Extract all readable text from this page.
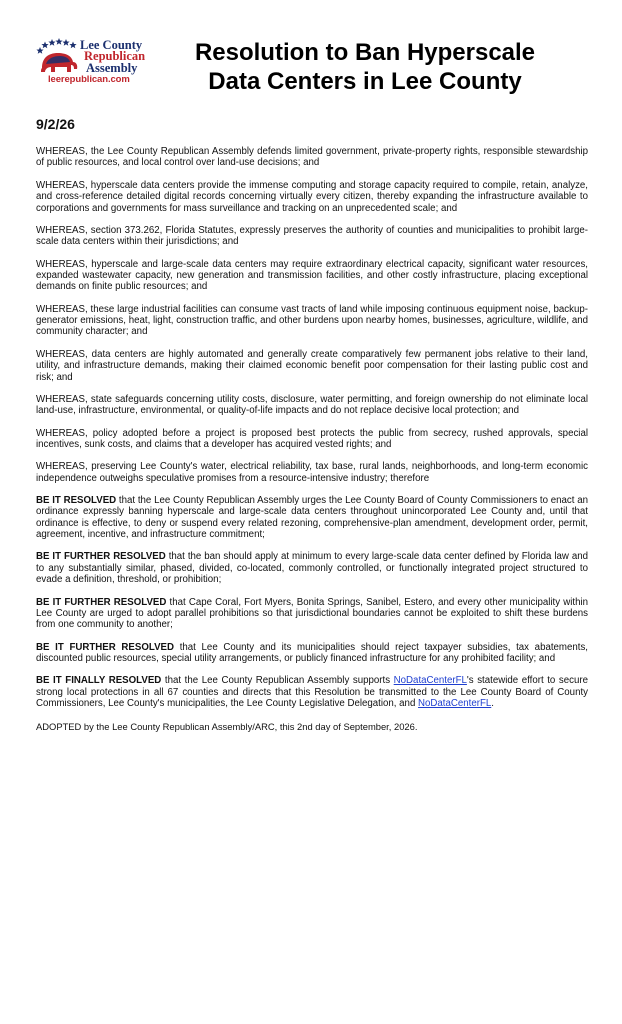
Lee County
Republican
Assembly
leerepublican.com
Resolution to Ban Hyperscale
Data Centers in Lee County
9/2/26

WHEREAS, the Lee County Republican Assembly defends limited government, private-property rights, responsible stewardship of public resources, and local control over land-use decisions; and

WHEREAS, hyperscale data centers provide the immense computing and storage capacity required to compile, retain, analyze, and cross-reference detailed digital records concerning virtually every citizen, thereby expanding the infrastructure available to corporations and governments for mass surveillance and tracking on an unprecedented scale; and

WHEREAS, section 373.262, Florida Statutes, expressly preserves the authority of counties and municipalities to prohibit large-scale data centers within their jurisdictions; and

WHEREAS, hyperscale and large-scale data centers may require extraordinary electrical capacity, significant water resources, expanded wastewater capacity, new generation and transmission facilities, and other costly infrastructure, placing exceptional demands on finite public resources; and

WHEREAS, these large industrial facilities can consume vast tracts of land while imposing continuous equipment noise, backup-generator emissions, heat, light, construction traffic, and other burdens upon nearby homes, businesses, agriculture, wildlife, and community character; and

WHEREAS, data centers are highly automated and generally create comparatively few permanent jobs relative to their land, utility, and infrastructure demands, making their claimed economic benefit poor compensation for their lasting public cost and risk; and

WHEREAS, state safeguards concerning utility costs, disclosure, water permitting, and foreign ownership do not eliminate local land-use, infrastructure, environmental, or quality-of-life impacts and do not replace decisive local protection; and

WHEREAS, policy adopted before a project is proposed best protects the public from secrecy, rushed approvals, special incentives, sunk costs, and claims that a developer has acquired vested rights; and

WHEREAS, preserving Lee County's water, electrical reliability, tax base, rural lands, neighborhoods, and long-term economic independence outweighs speculative promises from a resource-intensive industry; therefore

BE IT RESOLVED that the Lee County Republican Assembly urges the Lee County Board of County Commissioners to enact an ordinance expressly banning hyperscale and large-scale data centers throughout unincorporated Lee County and, until that ordinance is effective, to deny or suspend every related rezoning, comprehensive-plan amendment, development order, permit, agreement, incentive, and infrastructure commitment;

BE IT FURTHER RESOLVED that the ban should apply at minimum to every large-scale data center defined by Florida law and to any substantially similar, phased, divided, co-located, commonly controlled, or functionally integrated project structured to evade a definition, threshold, or prohibition;

BE IT FURTHER RESOLVED that Cape Coral, Fort Myers, Bonita Springs, Sanibel, Estero, and every other municipality within Lee County are urged to adopt parallel prohibitions so that jurisdictional boundaries cannot be exploited to shift these burdens from one community to another;

BE IT FURTHER RESOLVED that Lee County and its municipalities should reject taxpayer subsidies, tax abatements, discounted public resources, special utility arrangements, or publicly financed infrastructure for any prohibited facility; and

BE IT FINALLY RESOLVED that the Lee County Republican Assembly supports NoDataCenterFL's statewide effort to secure strong local protections in all 67 counties and directs that this Resolution be transmitted to the Lee County Board of County Commissioners, Lee County's municipalities, the Lee County Legislative Delegation, and NoDataCenterFL.

ADOPTED by the Lee County Republican Assembly/ARC, this 2nd day of September, 2026.
